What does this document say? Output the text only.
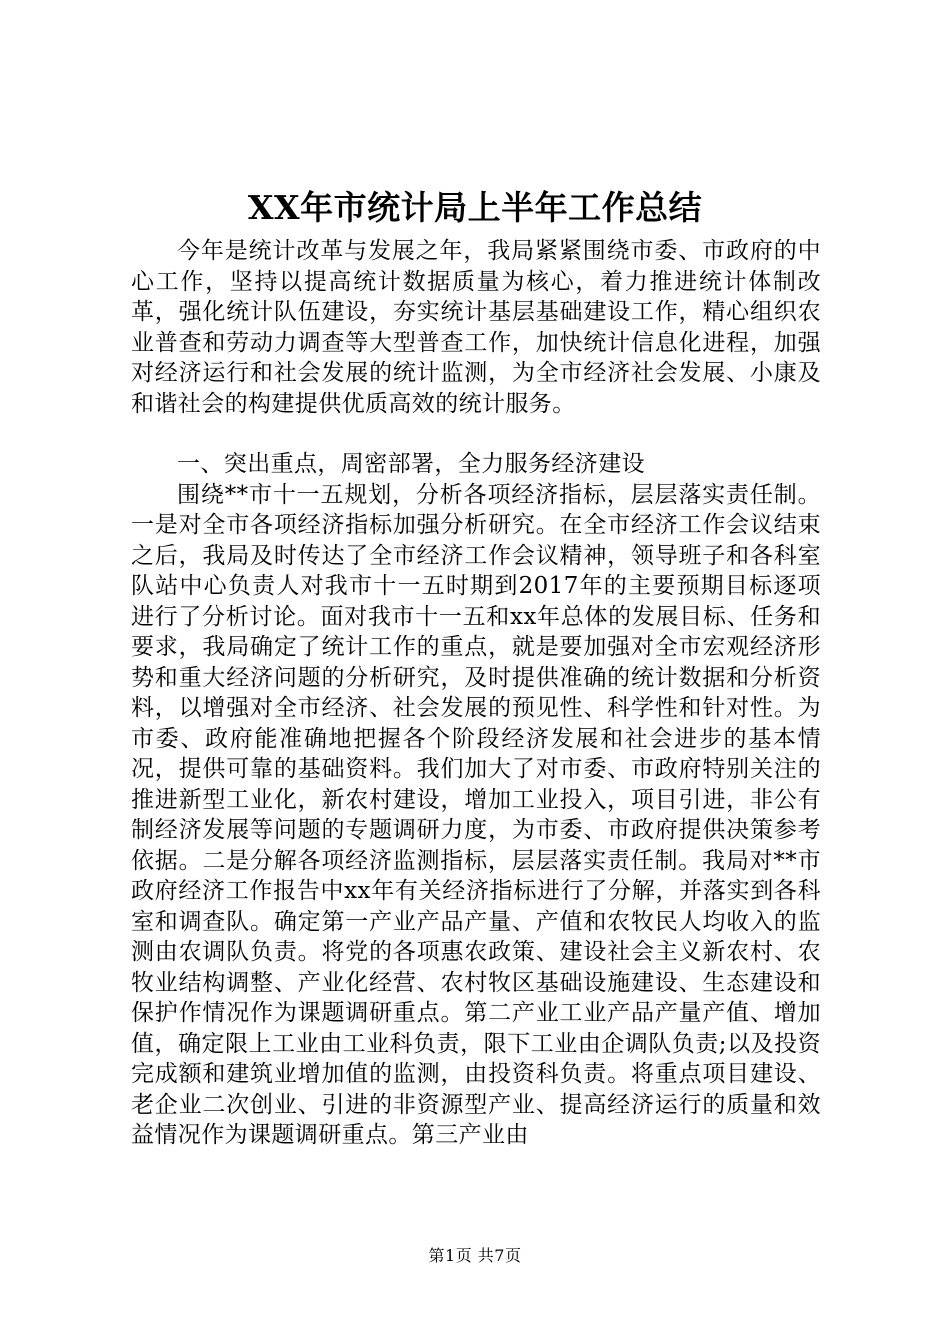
XX年市统计局上半年工作总结

今年是统计改革与发展之年，我局紧紧围绕市委、市政府的中心工作，坚持以提高统计数据质量为核心，着力推进统计体制改革，强化统计队伍建设，夯实统计基层基础建设工作，精心组织农业普查和劳动力调查等大型普查工作，加快统计信息化进程，加强对经济运行和社会发展的统计监测，为全市经济社会发展、小康及和谐社会的构建提供优质高效的统计服务。

一、突出重点，周密部署，全力服务经济建设

围绕**市十一五规划，分析各项经济指标，层层落实责任制。一是对全市各项经济指标加强分析研究。在全市经济工作会议结束之后，我局及时传达了全市经济工作会议精神，领导班子和各科室队站中心负责人对我市十一五时期到2017年的主要预期目标逐项进行了分析讨论。面对我市十一五和xx年总体的发展目标、任务和要求，我局确定了统计工作的重点，就是要加强对全市宏观经济形势和重大经济问题的分析研究，及时提供准确的统计数据和分析资料，以增强对全市经济、社会发展的预见性、科学性和针对性。为市委、政府能准确地把握各个阶段经济发展和社会进步的基本情况，提供可靠的基础资料。我们加大了对市委、市政府特别关注的推进新型工业化，新农村建设，增加工业投入，项目引进，非公有制经济发展等问题的专题调研力度，为市委、市政府提供决策参考依据。二是分解各项经济监测指标，层层落实责任制。我局对**市政府经济工作报告中xx年有关经济指标进行了分解，并落实到各科室和调查队。确定第一产业产品产量、产值和农牧民人均收入的监测由农调队负责。将党的各项惠农政策、建设社会主义新农村、农牧业结构调整、产业化经营、农村牧区基础设施建设、生态建设和保护作情况作为课题调研重点。第二产业工业产品产量产值、增加值，确定限上工业由工业科负责，限下工业由企调队负责;以及投资完成额和建筑业增加值的监测，由投资科负责。将重点项目建设、老企业二次创业、引进的非资源型产业、提高经济运行的质量和效益情况作为课题调研重点。第三产业由

第1页 共7页
